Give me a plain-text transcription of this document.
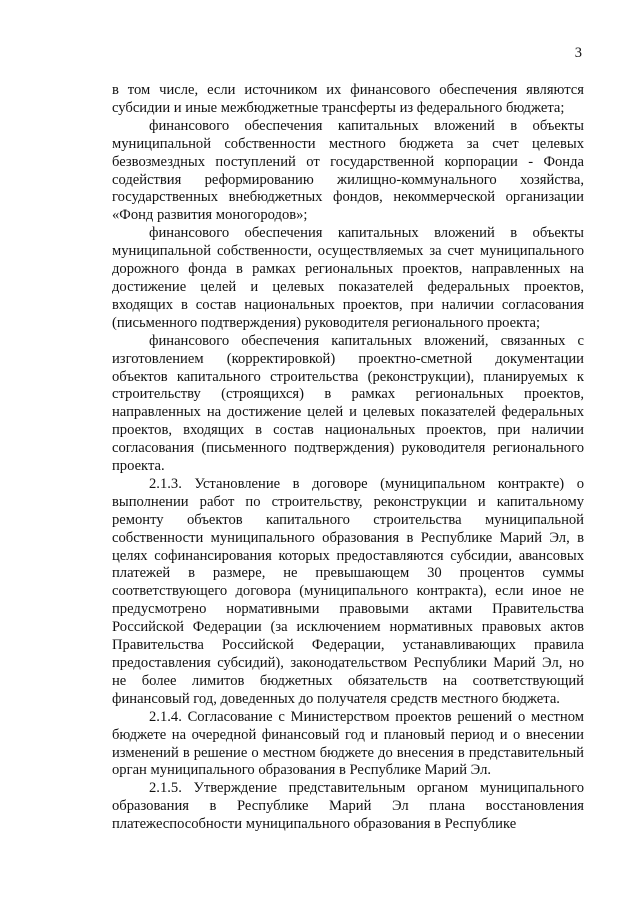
3

в том числе, если источником их финансового обеспечения являются субсидии и иные межбюджетные трансферты из федерального бюджета;

финансового обеспечения капитальных вложений в объекты муниципальной собственности местного бюджета за счет целевых безвозмездных поступлений от государственной корпорации - Фонда содействия реформированию жилищно-коммунального хозяйства, государственных внебюджетных фондов, некоммерческой организации «Фонд развития моногородов»;

финансового обеспечения капитальных вложений в объекты муниципальной собственности, осуществляемых за счет муниципального дорожного фонда в рамках региональных проектов, направленных на достижение целей и целевых показателей федеральных проектов, входящих в состав национальных проектов, при наличии согласования (письменного подтверждения) руководителя регионального проекта;

финансового обеспечения капитальных вложений, связанных с изготовлением (корректировкой) проектно-сметной документации объектов капитального строительства (реконструкции), планируемых к строительству (строящихся) в рамках региональных проектов, направленных на достижение целей и целевых показателей федеральных проектов, входящих в состав национальных проектов, при наличии согласования (письменного подтверждения) руководителя регионального проекта.

2.1.3. Установление в договоре (муниципальном контракте) о выполнении работ по строительству, реконструкции и капитальному ремонту объектов капитального строительства муниципальной собственности муниципального образования в Республике Марий Эл, в целях софинансирования которых предоставляются субсидии, авансовых платежей в размере, не превышающем 30 процентов суммы соответствующего договора (муниципального контракта), если иное не предусмотрено нормативными правовыми актами Правительства Российской Федерации (за исключением нормативных правовых актов Правительства Российской Федерации, устанавливающих правила предоставления субсидий), законодательством Республики Марий Эл, но не более лимитов бюджетных обязательств на соответствующий финансовый год, доведенных до получателя средств местного бюджета.

2.1.4. Согласование с Министерством проектов решений о местном бюджете на очередной финансовый год и плановый период и о внесении изменений в решение о местном бюджете до внесения в представительный орган муниципального образования в Республике Марий Эл.

2.1.5. Утверждение представительным органом муниципального образования в Республике Марий Эл плана восстановления платежеспособности муниципального образования в Республике
